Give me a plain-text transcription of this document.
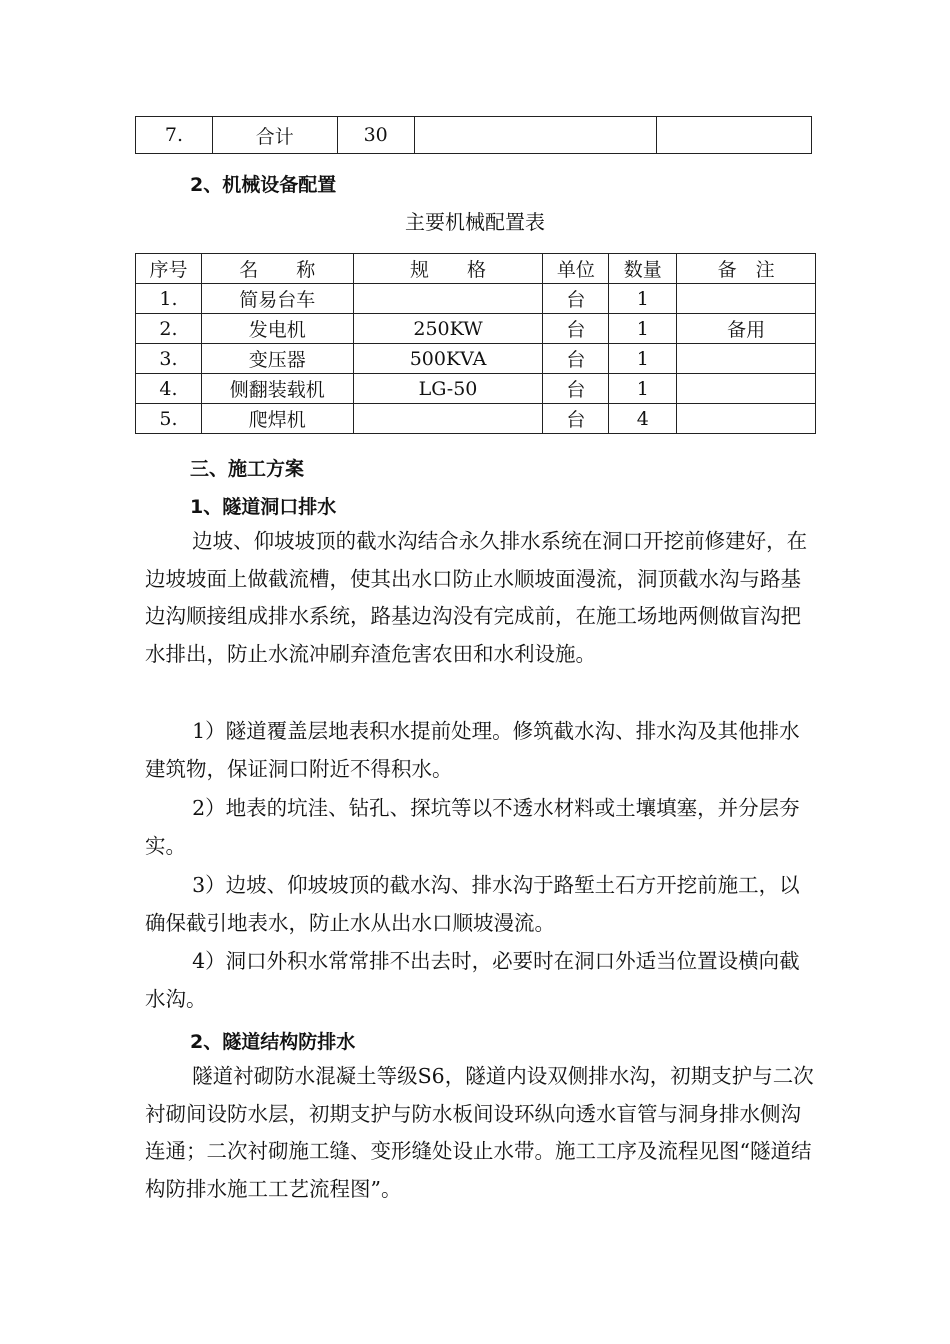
7.	合计	30		

2、机械设备配置

主要机械配置表

序号	名　　称	规　　格	单位	数量	备　注
1.	简易台车		台	1	
2.	发电机	250KW	台	1	备用
3.	变压器	500KVA	台	1	
4.	侧翻装载机	LG-50	台	1	
5.	爬焊机		台	4	

三、施工方案

1、隧道洞口排水

边坡、仰坡坡顶的截水沟结合永久排水系统在洞口开挖前修建好，在边坡坡面上做截流槽，使其出水口防止水顺坡面漫流，洞顶截水沟与路基边沟顺接组成排水系统，路基边沟没有完成前，在施工场地两侧做盲沟把水排出，防止水流冲刷弃渣危害农田和水利设施。

1）隧道覆盖层地表积水提前处理。修筑截水沟、排水沟及其他排水建筑物，保证洞口附近不得积水。

2）地表的坑洼、钻孔、探坑等以不透水材料或土壤填塞，并分层夯实。

3）边坡、仰坡坡顶的截水沟、排水沟于路堑土石方开挖前施工，以确保截引地表水，防止水从出水口顺坡漫流。

4）洞口外积水常常排不出去时，必要时在洞口外适当位置设横向截水沟。

2、隧道结构防排水

隧道衬砌防水混凝土等级S6，隧道内设双侧排水沟，初期支护与二次衬砌间设防水层，初期支护与防水板间设环纵向透水盲管与洞身排水侧沟连通；二次衬砌施工缝、变形缝处设止水带。施工工序及流程见图“隧道结构防排水施工工艺流程图”。
